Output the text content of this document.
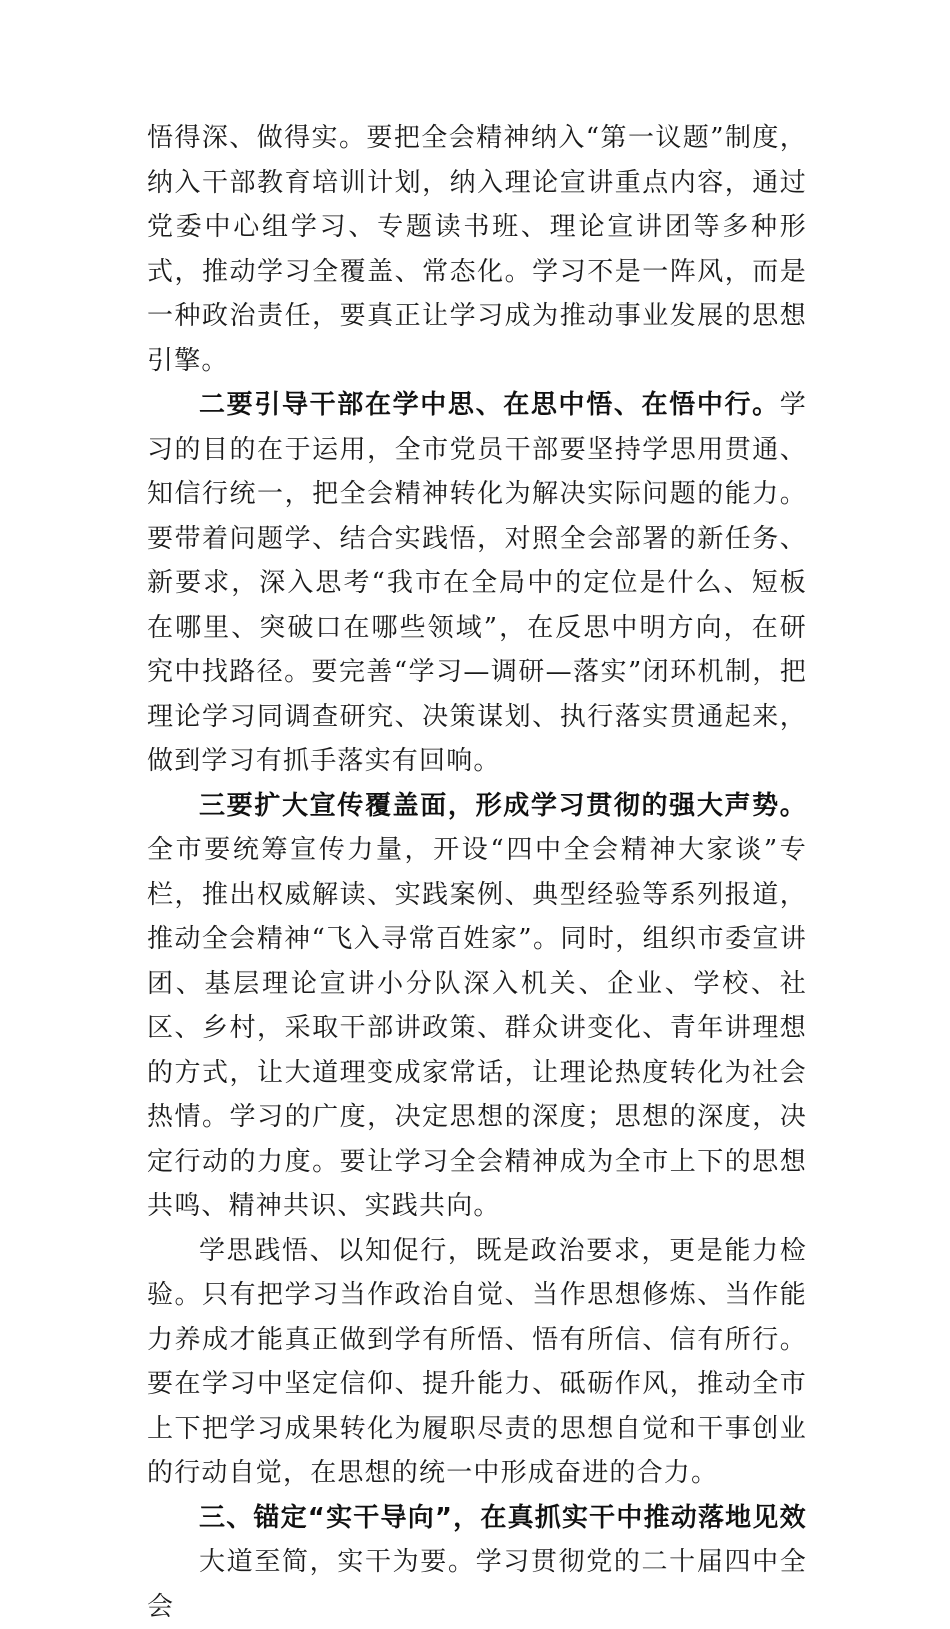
悟得深、做得实。要把全会精神纳入“第一议题”制度，纳入干部教育培训计划，纳入理论宣讲重点内容，通过党委中心组学习、专题读书班、理论宣讲团等多种形式，推动学习全覆盖、常态化。学习不是一阵风，而是一种政治责任，要真正让学习成为推动事业发展的思想引擎。

二要引导干部在学中思、在思中悟、在悟中行。学习的目的在于运用，全市党员干部要坚持学思用贯通、知信行统一，把全会精神转化为解决实际问题的能力。要带着问题学、结合实践悟，对照全会部署的新任务、新要求，深入思考“我市在全局中的定位是什么、短板在哪里、突破口在哪些领域”，在反思中明方向，在研究中找路径。要完善“学习—调研—落实”闭环机制，把理论学习同调查研究、决策谋划、执行落实贯通起来，做到学习有抓手落实有回响。

三要扩大宣传覆盖面，形成学习贯彻的强大声势。全市要统筹宣传力量，开设“四中全会精神大家谈”专栏，推出权威解读、实践案例、典型经验等系列报道，推动全会精神“飞入寻常百姓家”。同时，组织市委宣讲团、基层理论宣讲小分队深入机关、企业、学校、社区、乡村，采取干部讲政策、群众讲变化、青年讲理想的方式，让大道理变成家常话，让理论热度转化为社会热情。学习的广度，决定思想的深度；思想的深度，决定行动的力度。要让学习全会精神成为全市上下的思想共鸣、精神共识、实践共向。

学思践悟、以知促行，既是政治要求，更是能力检验。只有把学习当作政治自觉、当作思想修炼、当作能力养成才能真正做到学有所悟、悟有所信、信有所行。要在学习中坚定信仰、提升能力、砥砺作风，推动全市上下把学习成果转化为履职尽责的思想自觉和干事创业的行动自觉，在思想的统一中形成奋进的合力。

三、锚定“实干导向”，在真抓实干中推动落地见效

大道至简，实干为要。学习贯彻党的二十届四中全会
